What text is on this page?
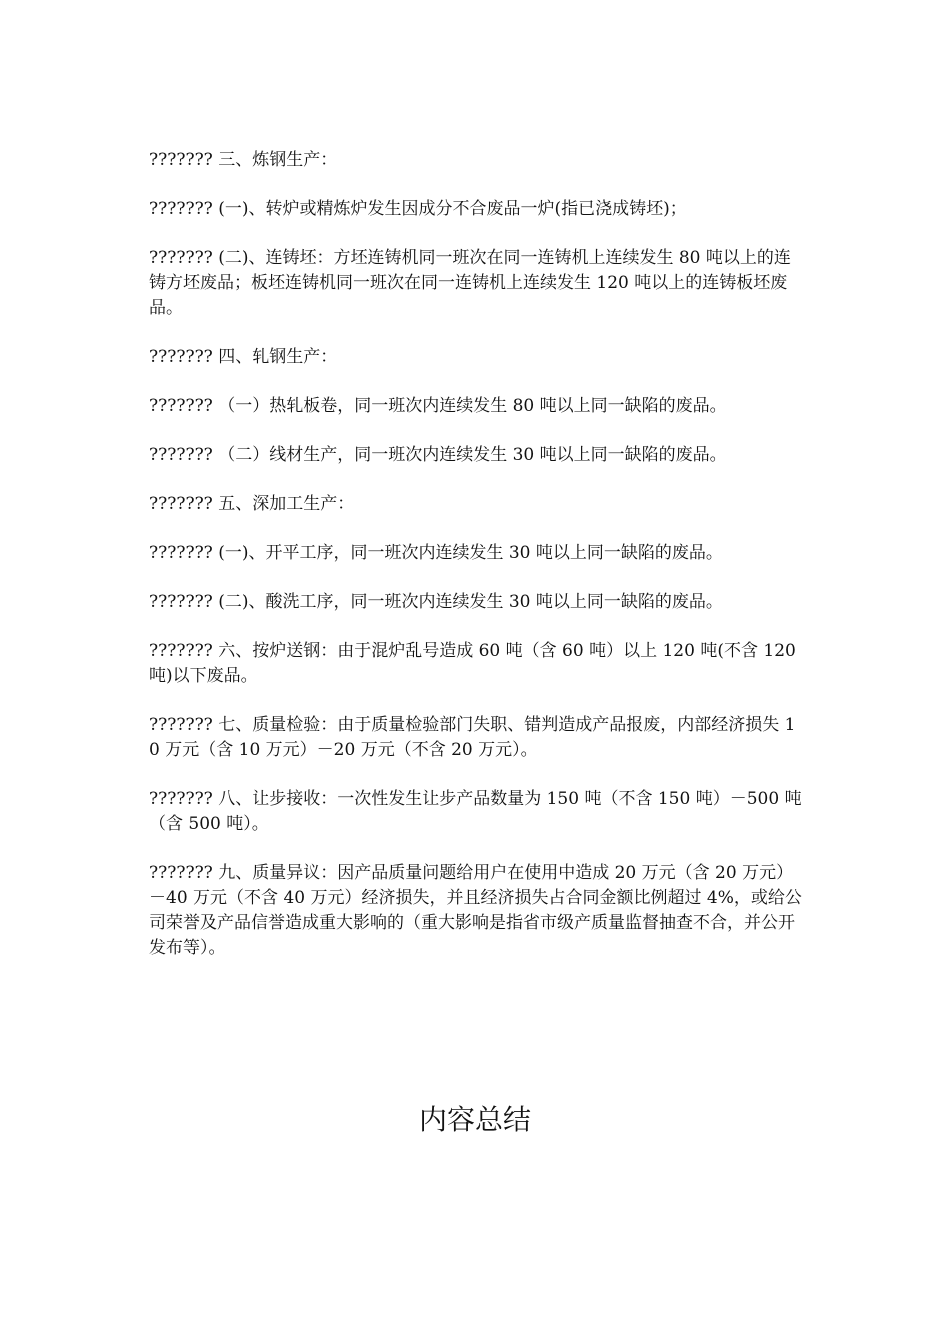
??????? 三、炼钢生产：

??????? (一)、转炉或精炼炉发生因成分不合废品一炉(指已浇成铸坯)；

??????? (二)、连铸坯：方坯连铸机同一班次在同一连铸机上连续发生 80 吨以上的连铸方坯废品；板坯连铸机同一班次在同一连铸机上连续发生 120 吨以上的连铸板坯废品。

??????? 四、轧钢生产：

??????? （一）热轧板卷，同一班次内连续发生 80 吨以上同一缺陷的废品。

??????? （二）线材生产，同一班次内连续发生 30 吨以上同一缺陷的废品。

??????? 五、深加工生产：

??????? (一)、开平工序，同一班次内连续发生 30 吨以上同一缺陷的废品。

??????? (二)、酸洗工序，同一班次内连续发生 30 吨以上同一缺陷的废品。

??????? 六、按炉送钢：由于混炉乱号造成 60 吨（含 60 吨）以上 120 吨(不含 120 吨)以下废品。

??????? 七、质量检验：由于质量检验部门失职、错判造成产品报废，内部经济损失 10 万元（含 10 万元）－20 万元（不含 20 万元）。

??????? 八、让步接收：一次性发生让步产品数量为 150 吨（不含 150 吨）－500 吨（含 500 吨）。

??????? 九、质量异议：因产品质量问题给用户在使用中造成 20 万元（含 20 万元）－40 万元（不含 40 万元）经济损失，并且经济损失占合同金额比例超过 4%，或给公司荣誉及产品信誉造成重大影响的（重大影响是指省市级产质量监督抽查不合，并公开发布等）。

内容总结
